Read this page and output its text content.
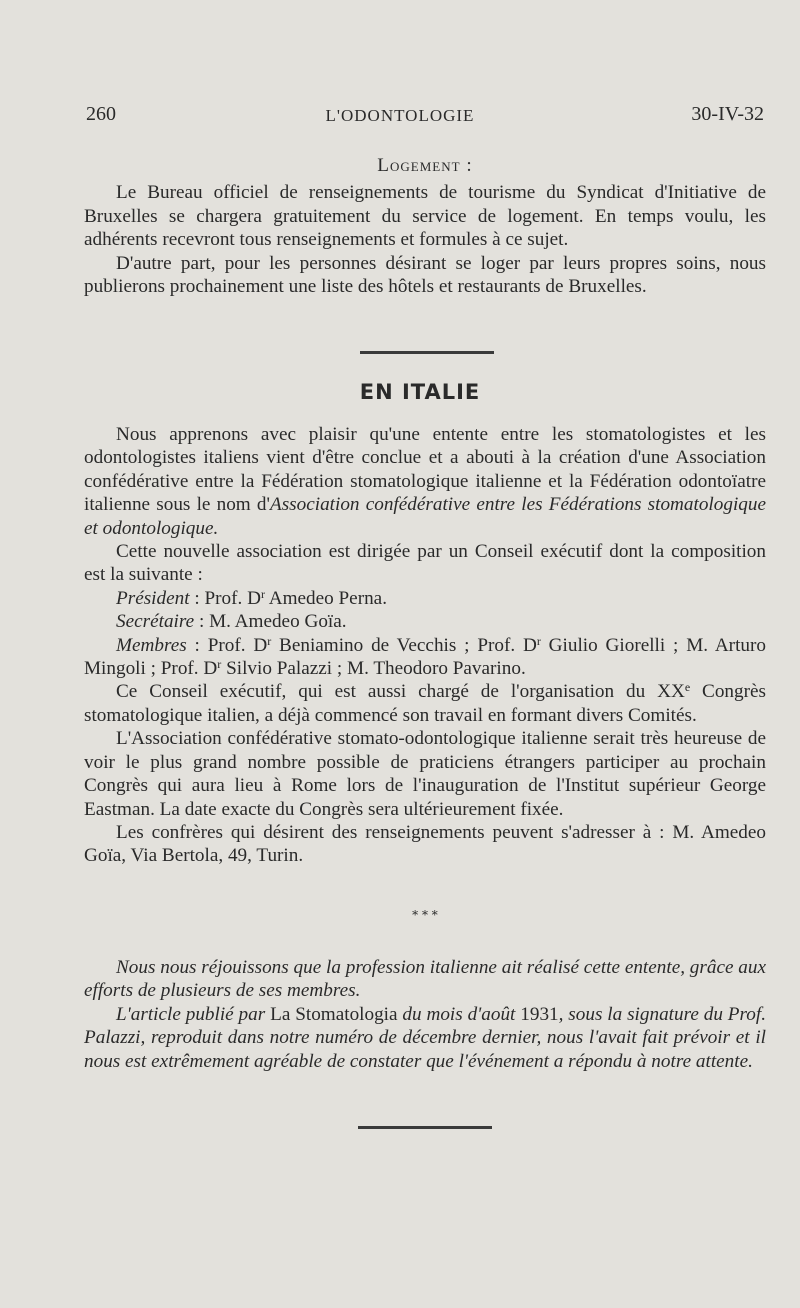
260	L'ODONTOLOGIE	30-IV-32

Logement :

Le Bureau officiel de renseignements de tourisme du Syndicat d'Initiative de Bruxelles se chargera gratuitement du service de logement. En temps voulu, les adhérents recevront tous renseignements et formules à ce sujet.

D'autre part, pour les personnes désirant se loger par leurs propres soins, nous publierons prochainement une liste des hôtels et restaurants de Bruxelles.

EN ITALIE

Nous apprenons avec plaisir qu'une entente entre les stomatologistes et les odontologistes italiens vient d'être conclue et a abouti à la création d'une Association confédérative entre la Fédération stomatologique italienne et la Fédération odontoïatre italienne sous le nom d'Association confédérative entre les Fédérations stomatologique et odontologique.

Cette nouvelle association est dirigée par un Conseil exécutif dont la composition est la suivante :

Président : Prof. $D^r$ Amedeo Perna.

Secrétaire : M. Amedeo Goïa.

Membres : Prof. $D^r$ Beniamino de Vecchis ; Prof. $D^r$ Giulio Giorelli ; M. Arturo Mingoli ; Prof. $D^r$ Silvio Palazzi ; M. Theodoro Pavarino.

Ce Conseil exécutif, qui est aussi chargé de l'organisation du XXe Congrès stomatologique italien, a déjà commencé son travail en formant divers Comités.

L'Association confédérative stomato-odontologique italienne serait très heureuse de voir le plus grand nombre possible de praticiens étrangers participer au prochain Congrès qui aura lieu à Rome lors de l'inauguration de l'Institut supérieur George Eastman. La date exacte du Congrès sera ultérieurement fixée.

Les confrères qui désirent des renseignements peuvent s'adresser à : M. Amedeo Goïa, Via Bertola, 49, Turin.

* * *

Nous nous réjouissons que la profession italienne ait réalisé cette entente, grâce aux efforts de plusieurs de ses membres.

L'article publié par La Stomatologia du mois d'août 1931, sous la signature du Prof. Palazzi, reproduit dans notre numéro de décembre dernier, nous l'avait fait prévoir et il nous est extrêmement agréable de constater que l'événement a répondu à notre attente.
